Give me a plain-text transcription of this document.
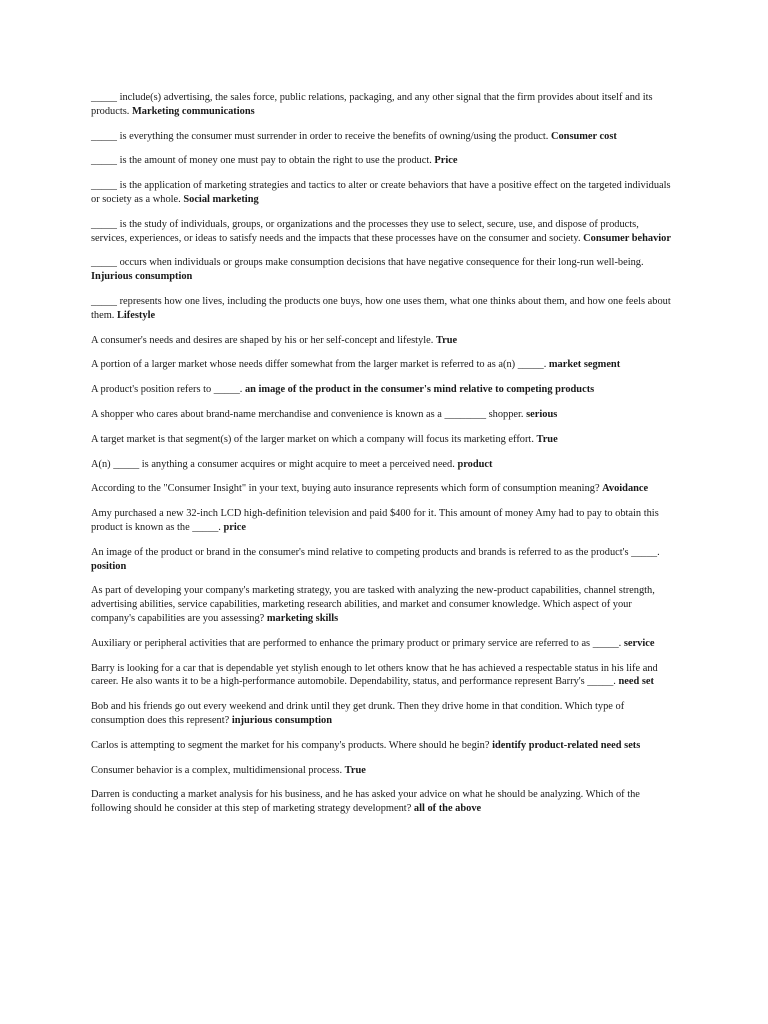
_____ include(s) advertising, the sales force, public relations, packaging, and any other signal that the firm provides about itself and its products. Marketing communications

_____ is everything the consumer must surrender in order to receive the benefits of owning/using the product. Consumer cost

_____ is the amount of money one must pay to obtain the right to use the product. Price

_____ is the application of marketing strategies and tactics to alter or create behaviors that have a positive effect on the targeted individuals or society as a whole. Social marketing

_____ is the study of individuals, groups, or organizations and the processes they use to select, secure, use, and dispose of products, services, experiences, or ideas to satisfy needs and the impacts that these processes have on the consumer and society. Consumer behavior

_____ occurs when individuals or groups make consumption decisions that have negative consequence for their long-run well-being. Injurious consumption

_____ represents how one lives, including the products one buys, how one uses them, what one thinks about them, and how one feels about them. Lifestyle

A consumer's needs and desires are shaped by his or her self-concept and lifestyle. True

A portion of a larger market whose needs differ somewhat from the larger market is referred to as a(n) _____. market segment

A product's position refers to _____. an image of the product in the consumer's mind relative to competing products

A shopper who cares about brand-name merchandise and convenience is known as a ________ shopper. serious

A target market is that segment(s) of the larger market on which a company will focus its marketing effort. True

A(n) _____ is anything a consumer acquires or might acquire to meet a perceived need. product

According to the "Consumer Insight" in your text, buying auto insurance represents which form of consumption meaning? Avoidance

Amy purchased a new 32-inch LCD high-definition television and paid $400 for it. This amount of money Amy had to pay to obtain this product is known as the _____. price

An image of the product or brand in the consumer's mind relative to competing products and brands is referred to as the product's _____. position

As part of developing your company's marketing strategy, you are tasked with analyzing the new-product capabilities, channel strength, advertising abilities, service capabilities, marketing research abilities, and market and consumer knowledge. Which aspect of your company's capabilities are you assessing? marketing skills

Auxiliary or peripheral activities that are performed to enhance the primary product or primary service are referred to as _____. service

Barry is looking for a car that is dependable yet stylish enough to let others know that he has achieved a respectable status in his life and career. He also wants it to be a high-performance automobile. Dependability, status, and performance represent Barry's _____. need set

Bob and his friends go out every weekend and drink until they get drunk. Then they drive home in that condition. Which type of consumption does this represent? injurious consumption

Carlos is attempting to segment the market for his company's products. Where should he begin? identify product-related need sets

Consumer behavior is a complex, multidimensional process. True

Darren is conducting a market analysis for his business, and he has asked your advice on what he should be analyzing. Which of the following should he consider at this step of marketing strategy development? all of the above
